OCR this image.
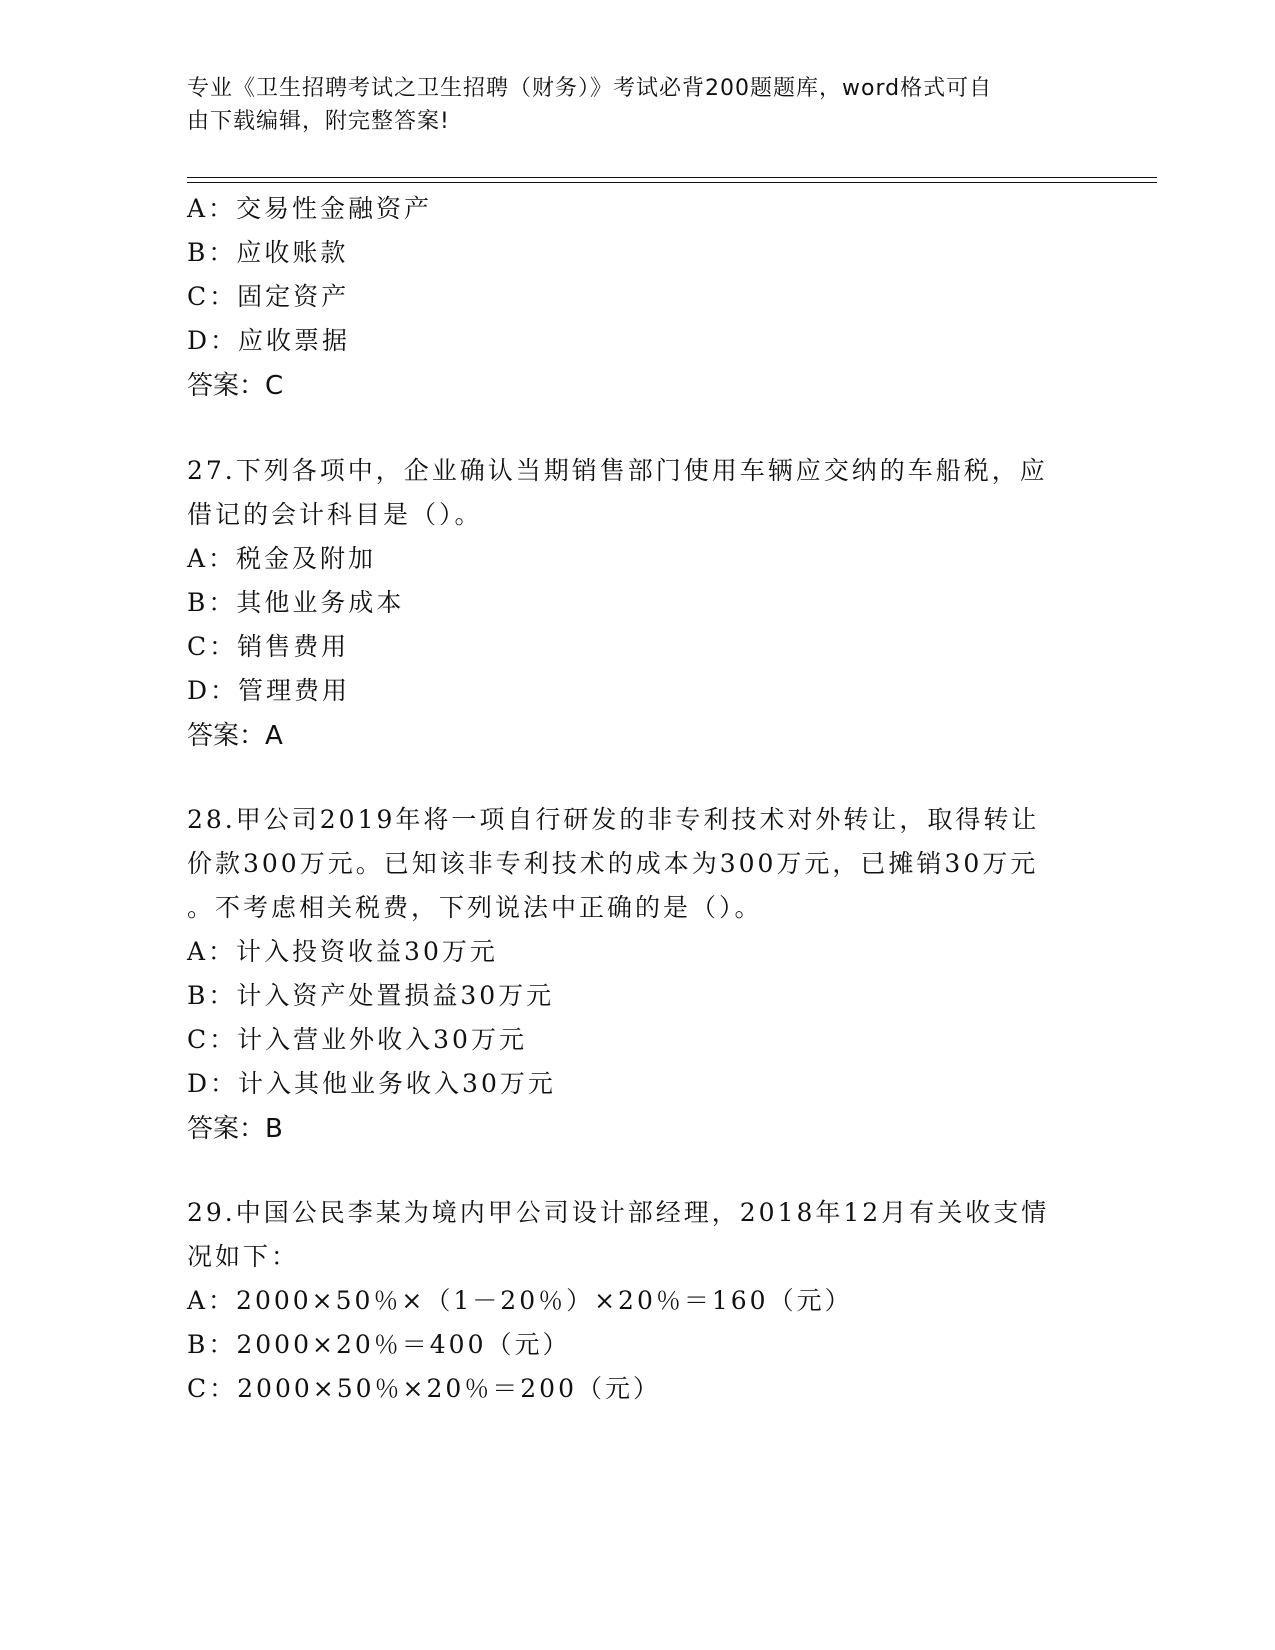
专业《卫生招聘考试之卫生招聘（财务）》考试必背200题题库，word格式可自
由下载编辑，附完整答案!
A：交易性金融资产
B：应收账款
C：固定资产
D：应收票据
答案：C
27.下列各项中，企业确认当期销售部门使用车辆应交纳的车船税，应
借记的会计科目是（）。
A：税金及附加
B：其他业务成本
C：销售费用
D：管理费用
答案：A
28.甲公司2019年将一项自行研发的非专利技术对外转让，取得转让
价款300万元。已知该非专利技术的成本为300万元，已摊销30万元
。不考虑相关税费，下列说法中正确的是（）。
A：计入投资收益30万元
B：计入资产处置损益30万元
C：计入营业外收入30万元
D：计入其他业务收入30万元
答案：B
29.中国公民李某为境内甲公司设计部经理，2018年12月有关收支情
况如下：
A：2000×50％×（1－20％）×20％＝160（元）
B：2000×20％＝400（元）
C：2000×50％×20％＝200（元）
